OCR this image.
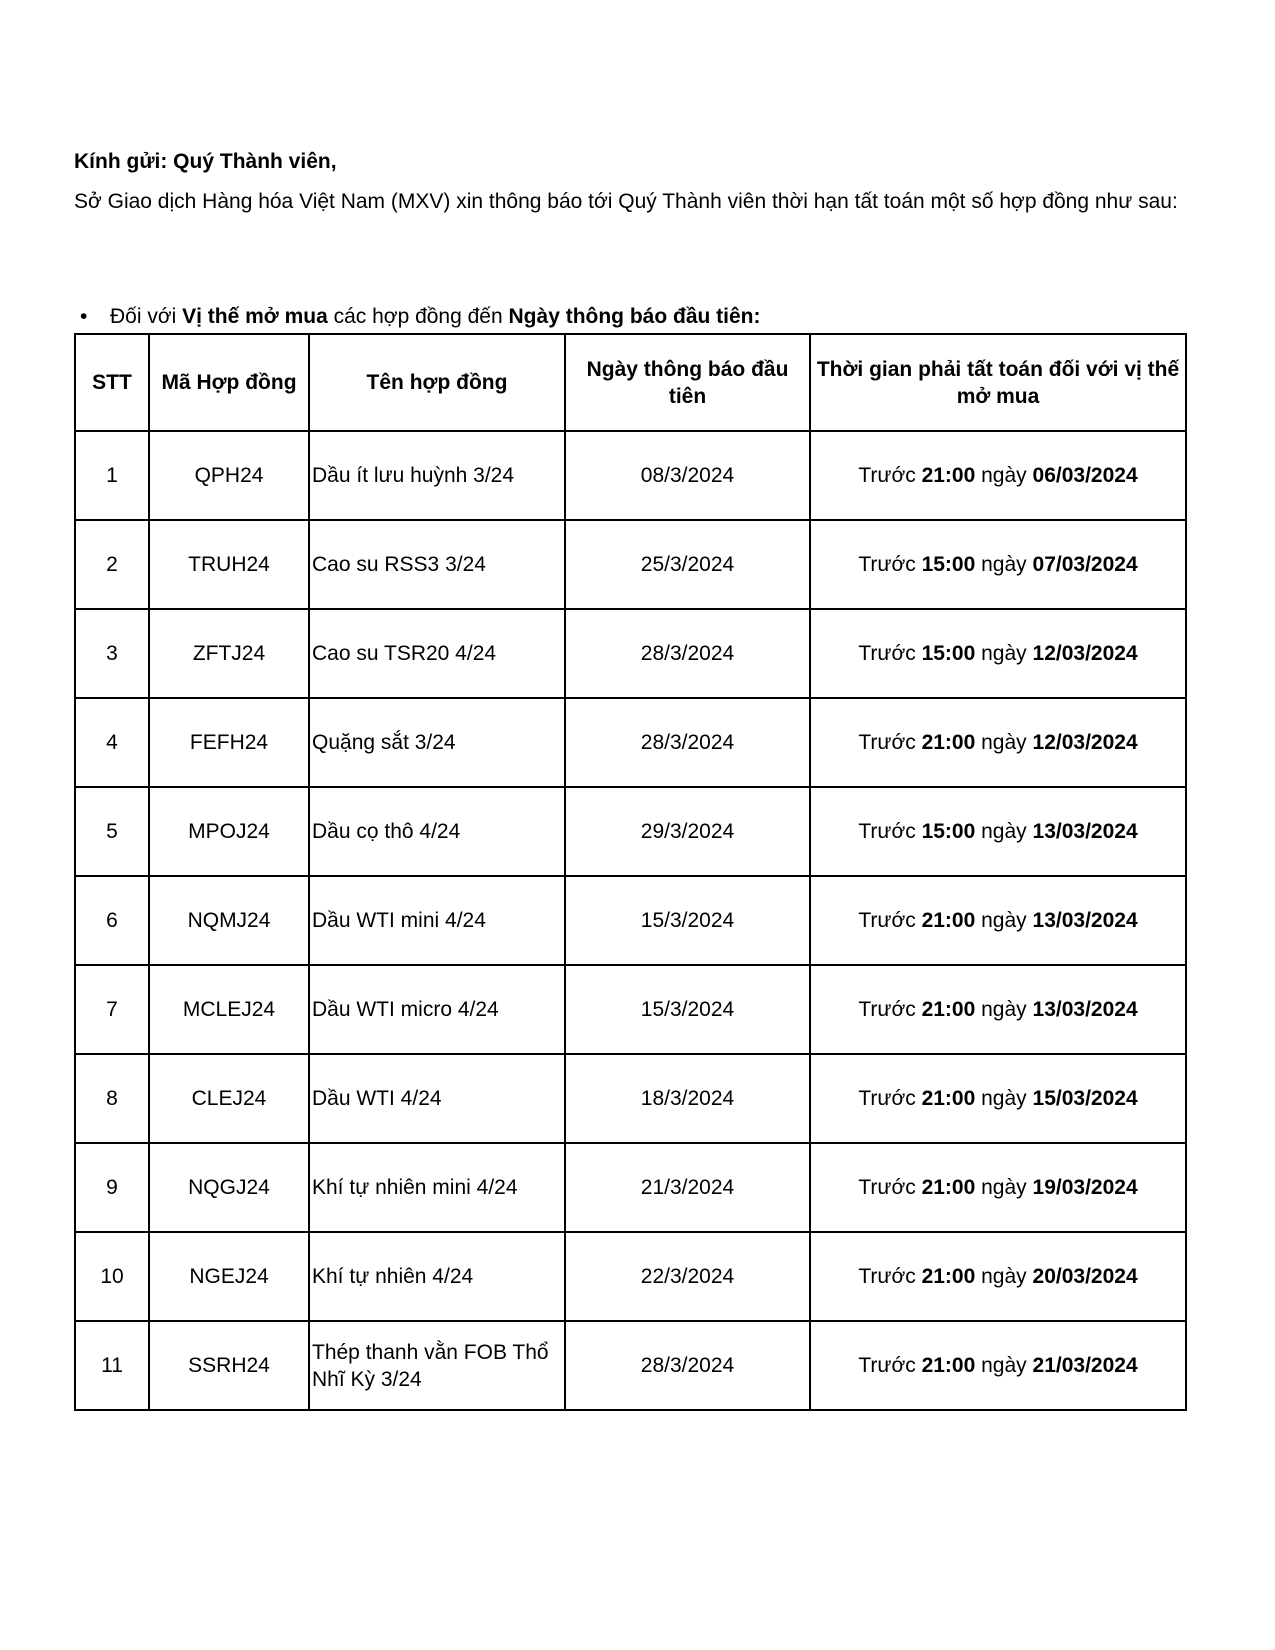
Kính gửi: Quý Thành viên,
Sở Giao dịch Hàng hóa Việt Nam (MXV) xin thông báo tới Quý Thành viên thời hạn tất toán một số hợp đồng như sau:
• Đối với Vị thế mở mua các hợp đồng đến Ngày thông báo đầu tiên:
STT	Mã Hợp đồng	Tên hợp đồng	Ngày thông báo đầu tiên	Thời gian phải tất toán đối với vị thế mở mua
1	QPH24	Dầu ít lưu huỳnh 3/24	08/3/2024	Trước 21:00 ngày 06/03/2024
2	TRUH24	Cao su RSS3 3/24	25/3/2024	Trước 15:00 ngày 07/03/2024
3	ZFTJ24	Cao su TSR20 4/24	28/3/2024	Trước 15:00 ngày 12/03/2024
4	FEFH24	Quặng sắt 3/24	28/3/2024	Trước 21:00 ngày 12/03/2024
5	MPOJ24	Dầu cọ thô 4/24	29/3/2024	Trước 15:00 ngày 13/03/2024
6	NQMJ24	Dầu WTI mini 4/24	15/3/2024	Trước 21:00 ngày 13/03/2024
7	MCLEJ24	Dầu WTI micro 4/24	15/3/2024	Trước 21:00 ngày 13/03/2024
8	CLEJ24	Dầu WTI 4/24	18/3/2024	Trước 21:00 ngày 15/03/2024
9	NQGJ24	Khí tự nhiên mini 4/24	21/3/2024	Trước 21:00 ngày 19/03/2024
10	NGEJ24	Khí tự nhiên 4/24	22/3/2024	Trước 21:00 ngày 20/03/2024
11	SSRH24	Thép thanh vằn FOB Thổ Nhĩ Kỳ 3/24	28/3/2024	Trước 21:00 ngày 21/03/2024
